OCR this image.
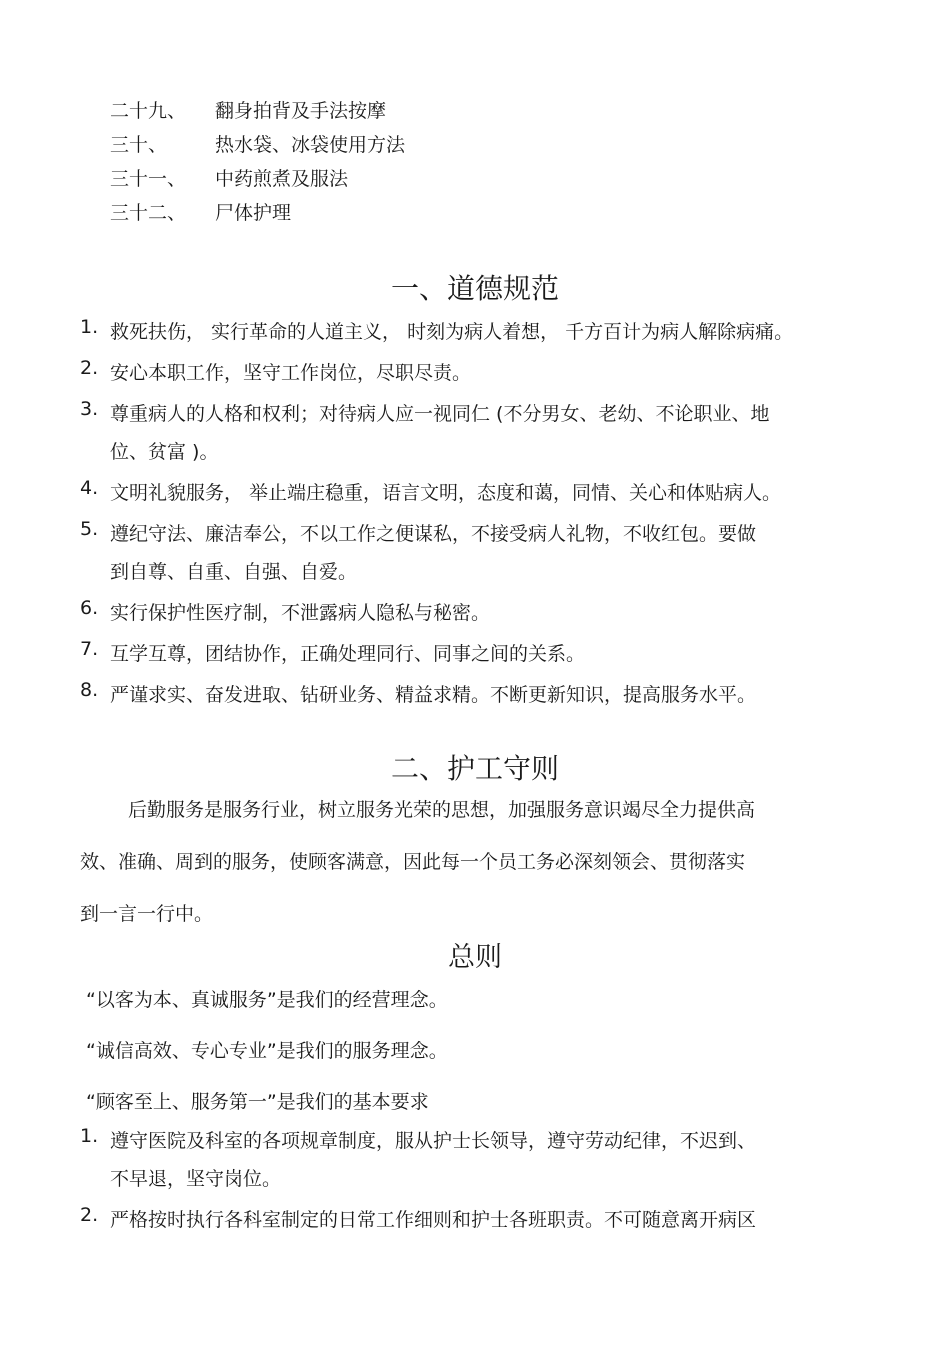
二十九、 翻身拍背及手法按摩
三十、	热水袋、冰袋使用方法
三十一、 中药煎煮及服法
三十二、 尸体护理
一、道德规范
1. 救死扶伤， 实行革命的人道主义， 时刻为病人着想， 千方百计为病人解除病痛。
2. 安心本职工作，坚守工作岗位，尽职尽责。
3. 尊重病人的人格和权利；对待病人应一视同仁 (不分男女、老幼、不论职业、地
位、贫富 )。
4. 文明礼貌服务， 举止端庄稳重，语言文明，态度和蔼，同情、关心和体贴病人。
5. 遵纪守法、廉洁奉公，不以工作之便谋私，不接受病人礼物，不收红包。要做
到自尊、自重、自强、自爱。
6. 实行保护性医疗制，不泄露病人隐私与秘密。
7. 互学互尊，团结协作，正确处理同行、同事之间的关系。
8. 严谨求实、奋发进取、钻研业务、精益求精。不断更新知识，提高服务水平。
二、护工守则
后勤服务是服务行业，树立服务光荣的思想，加强服务意识竭尽全力提供高
效、准确、周到的服务，使顾客满意，因此每一个员工务必深刻领会、贯彻落实
到一言一行中。
总则
“以客为本、真诚服务”是我们的经营理念。
“诚信高效、专心专业”是我们的服务理念。
“顾客至上、服务第一”是我们的基本要求
1. 遵守医院及科室的各项规章制度，服从护士长领导，遵守劳动纪律，不迟到、
不早退，坚守岗位。
2. 严格按时执行各科室制定的日常工作细则和护士各班职责。不可随意离开病区
